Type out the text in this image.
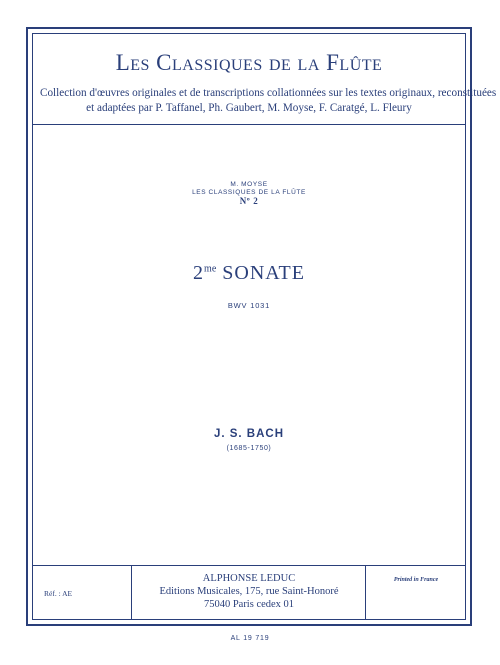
Les Classiques de la Flûte
Collection d'œuvres originales et de transcriptions collationnées sur les textes originaux, reconstituées
et adaptées par P. Taffanel, Ph. Gaubert, M. Moyse, F. Caratgé, L. Fleury
M. MOYSE
LES CLASSIQUES DE LA FLÛTE
Nº 2
$2^{me}$ SONATE
BWV 1031
J. S. BACH
(1685-1750)
Réf. : AE
ALPHONSE LEDUC
Editions Musicales, 175, rue Saint-Honoré
75040 Paris cedex 01
Printed in France
AL 19 719
